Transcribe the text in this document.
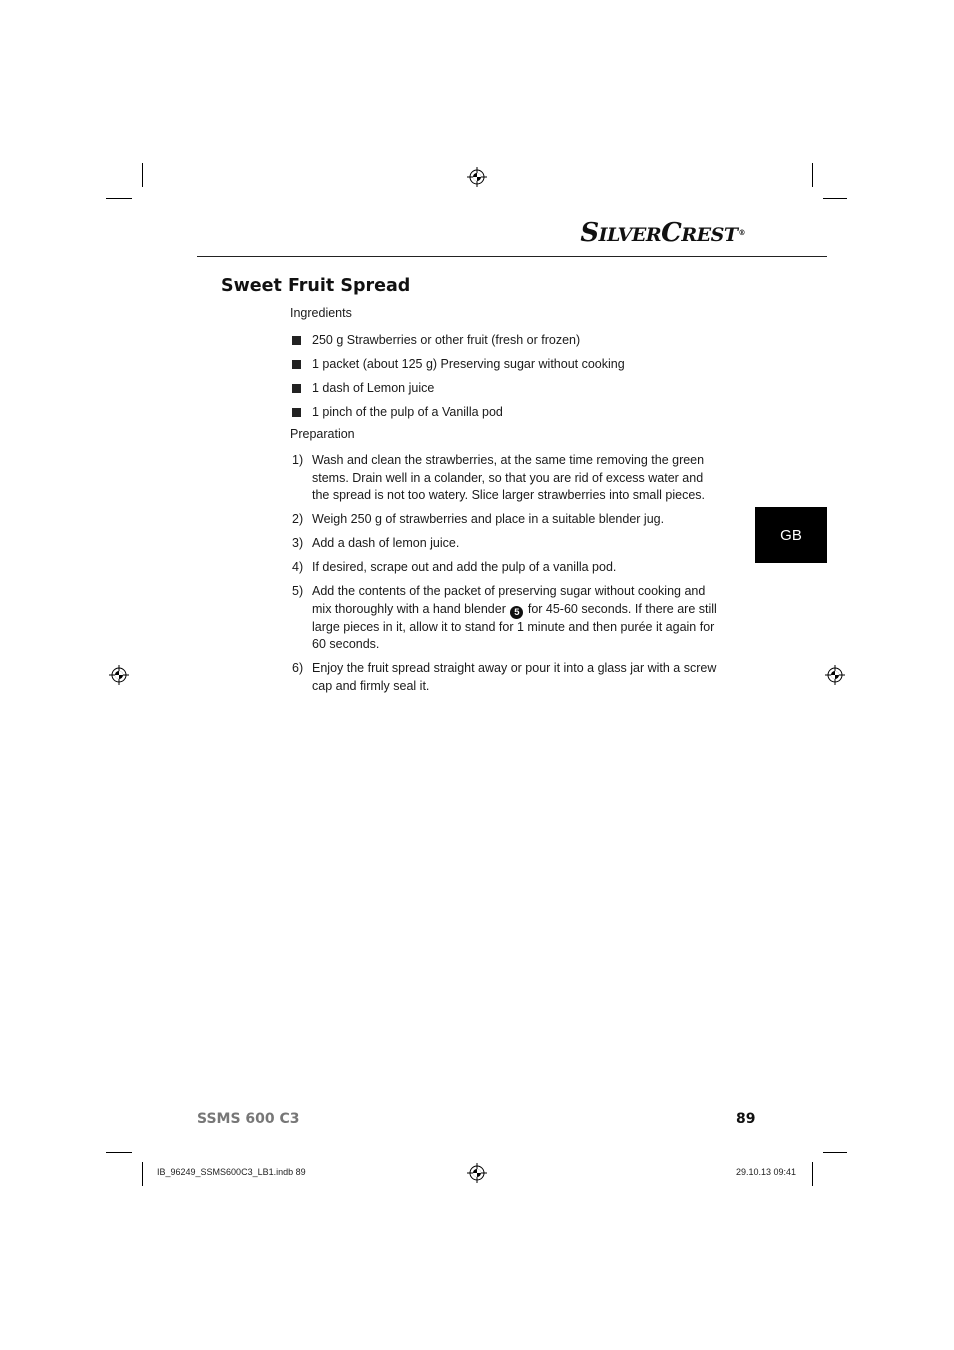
SILVERCREST®
Sweet Fruit Spread
Ingredients
250 g Strawberries or other fruit (fresh or frozen)
1 packet (about 125 g) Preserving sugar without cooking
1 dash of Lemon juice
1 pinch of the pulp of a Vanilla pod
Preparation
1) Wash and clean the strawberries, at the same time removing the green stems. Drain well in a colander, so that you are rid of excess water and the spread is not too watery. Slice larger strawberries into small pieces.
2) Weigh 250 g of strawberries and place in a suitable blender jug.
3) Add a dash of lemon juice.
4) If desired, scrape out and add the pulp of a vanilla pod.
5) Add the contents of the packet of preserving sugar without cooking and mix thoroughly with a hand blender 5 for 45-60 seconds. If there are still large pieces in it, allow it to stand for 1 minute and then purée it again for 60 seconds.
6) Enjoy the fruit spread straight away or pour it into a glass jar with a screw cap and firmly seal it.
GB
SSMS 600 C3	89
IB_96249_SSMS600C3_LB1.indb 89	29.10.13 09:41
